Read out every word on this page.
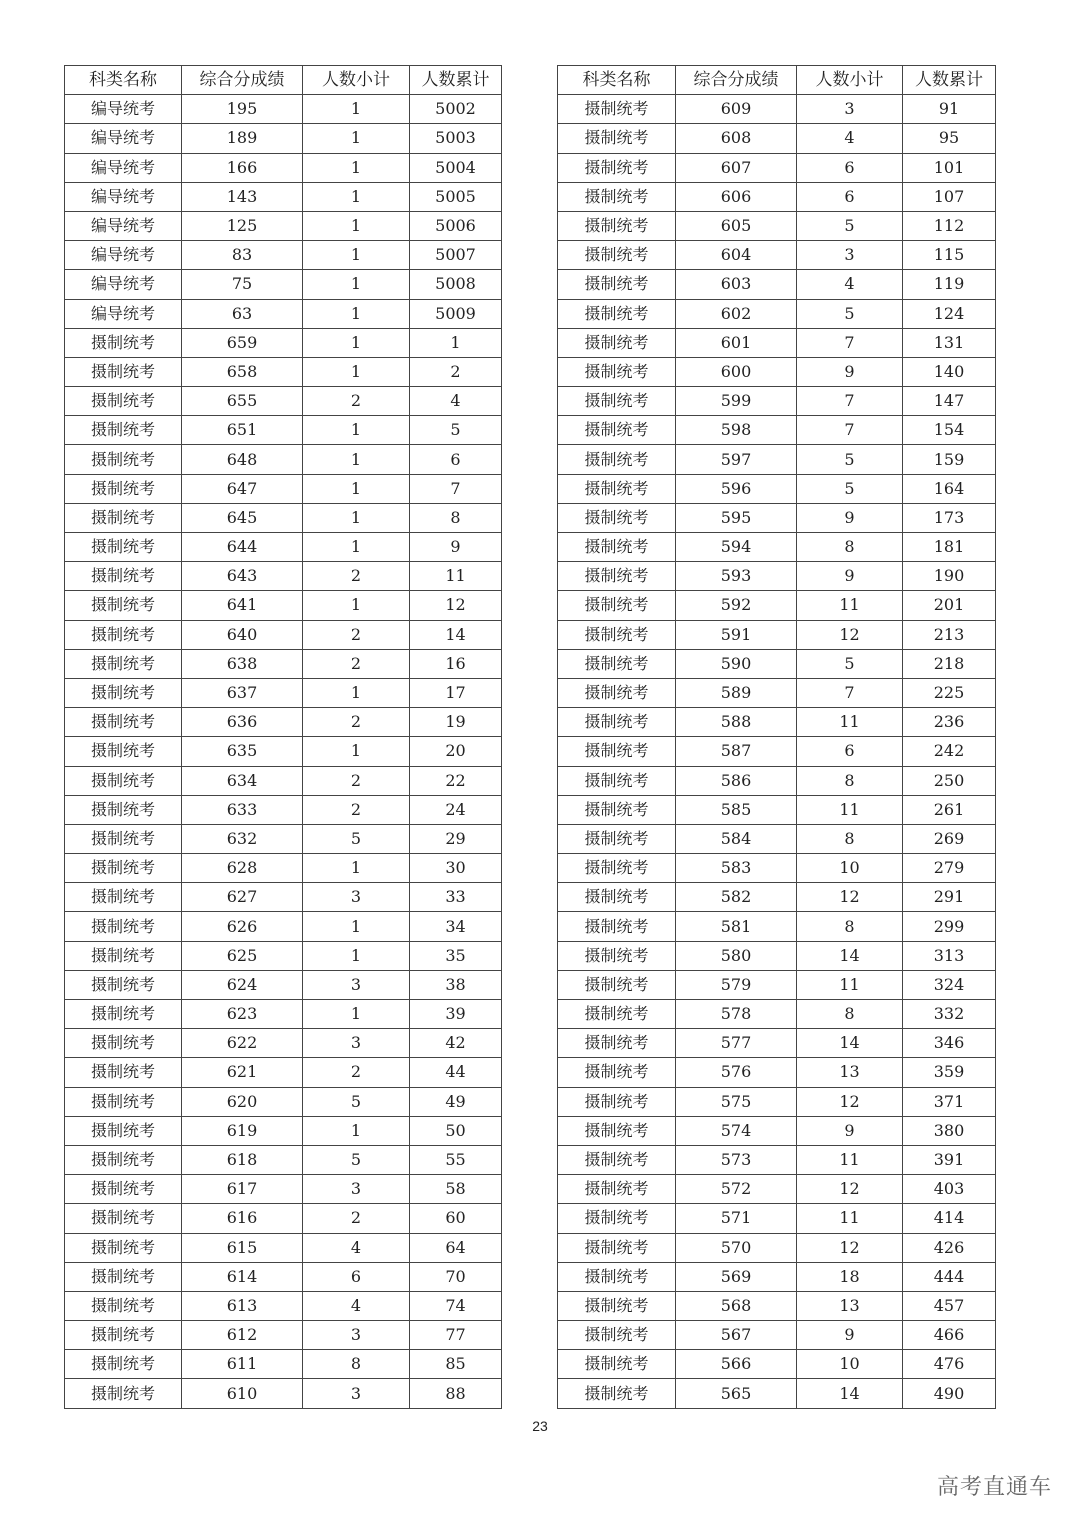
科类名称	综合分成绩	人数小计	人数累计
编导统考	195	1	5002
编导统考	189	1	5003
编导统考	166	1	5004
编导统考	143	1	5005
编导统考	125	1	5006
编导统考	83	1	5007
编导统考	75	1	5008
编导统考	63	1	5009
摄制统考	659	1	1
摄制统考	658	1	2
摄制统考	655	2	4
摄制统考	651	1	5
摄制统考	648	1	6
摄制统考	647	1	7
摄制统考	645	1	8
摄制统考	644	1	9
摄制统考	643	2	11
摄制统考	641	1	12
摄制统考	640	2	14
摄制统考	638	2	16
摄制统考	637	1	17
摄制统考	636	2	19
摄制统考	635	1	20
摄制统考	634	2	22
摄制统考	633	2	24
摄制统考	632	5	29
摄制统考	628	1	30
摄制统考	627	3	33
摄制统考	626	1	34
摄制统考	625	1	35
摄制统考	624	3	38
摄制统考	623	1	39
摄制统考	622	3	42
摄制统考	621	2	44
摄制统考	620	5	49
摄制统考	619	1	50
摄制统考	618	5	55
摄制统考	617	3	58
摄制统考	616	2	60
摄制统考	615	4	64
摄制统考	614	6	70
摄制统考	613	4	74
摄制统考	612	3	77
摄制统考	611	8	85
摄制统考	610	3	88
科类名称	综合分成绩	人数小计	人数累计
摄制统考	609	3	91
摄制统考	608	4	95
摄制统考	607	6	101
摄制统考	606	6	107
摄制统考	605	5	112
摄制统考	604	3	115
摄制统考	603	4	119
摄制统考	602	5	124
摄制统考	601	7	131
摄制统考	600	9	140
摄制统考	599	7	147
摄制统考	598	7	154
摄制统考	597	5	159
摄制统考	596	5	164
摄制统考	595	9	173
摄制统考	594	8	181
摄制统考	593	9	190
摄制统考	592	11	201
摄制统考	591	12	213
摄制统考	590	5	218
摄制统考	589	7	225
摄制统考	588	11	236
摄制统考	587	6	242
摄制统考	586	8	250
摄制统考	585	11	261
摄制统考	584	8	269
摄制统考	583	10	279
摄制统考	582	12	291
摄制统考	581	8	299
摄制统考	580	14	313
摄制统考	579	11	324
摄制统考	578	8	332
摄制统考	577	14	346
摄制统考	576	13	359
摄制统考	575	12	371
摄制统考	574	9	380
摄制统考	573	11	391
摄制统考	572	12	403
摄制统考	571	11	414
摄制统考	570	12	426
摄制统考	569	18	444
摄制统考	568	13	457
摄制统考	567	9	466
摄制统考	566	10	476
摄制统考	565	14	490
23
高考直通车
